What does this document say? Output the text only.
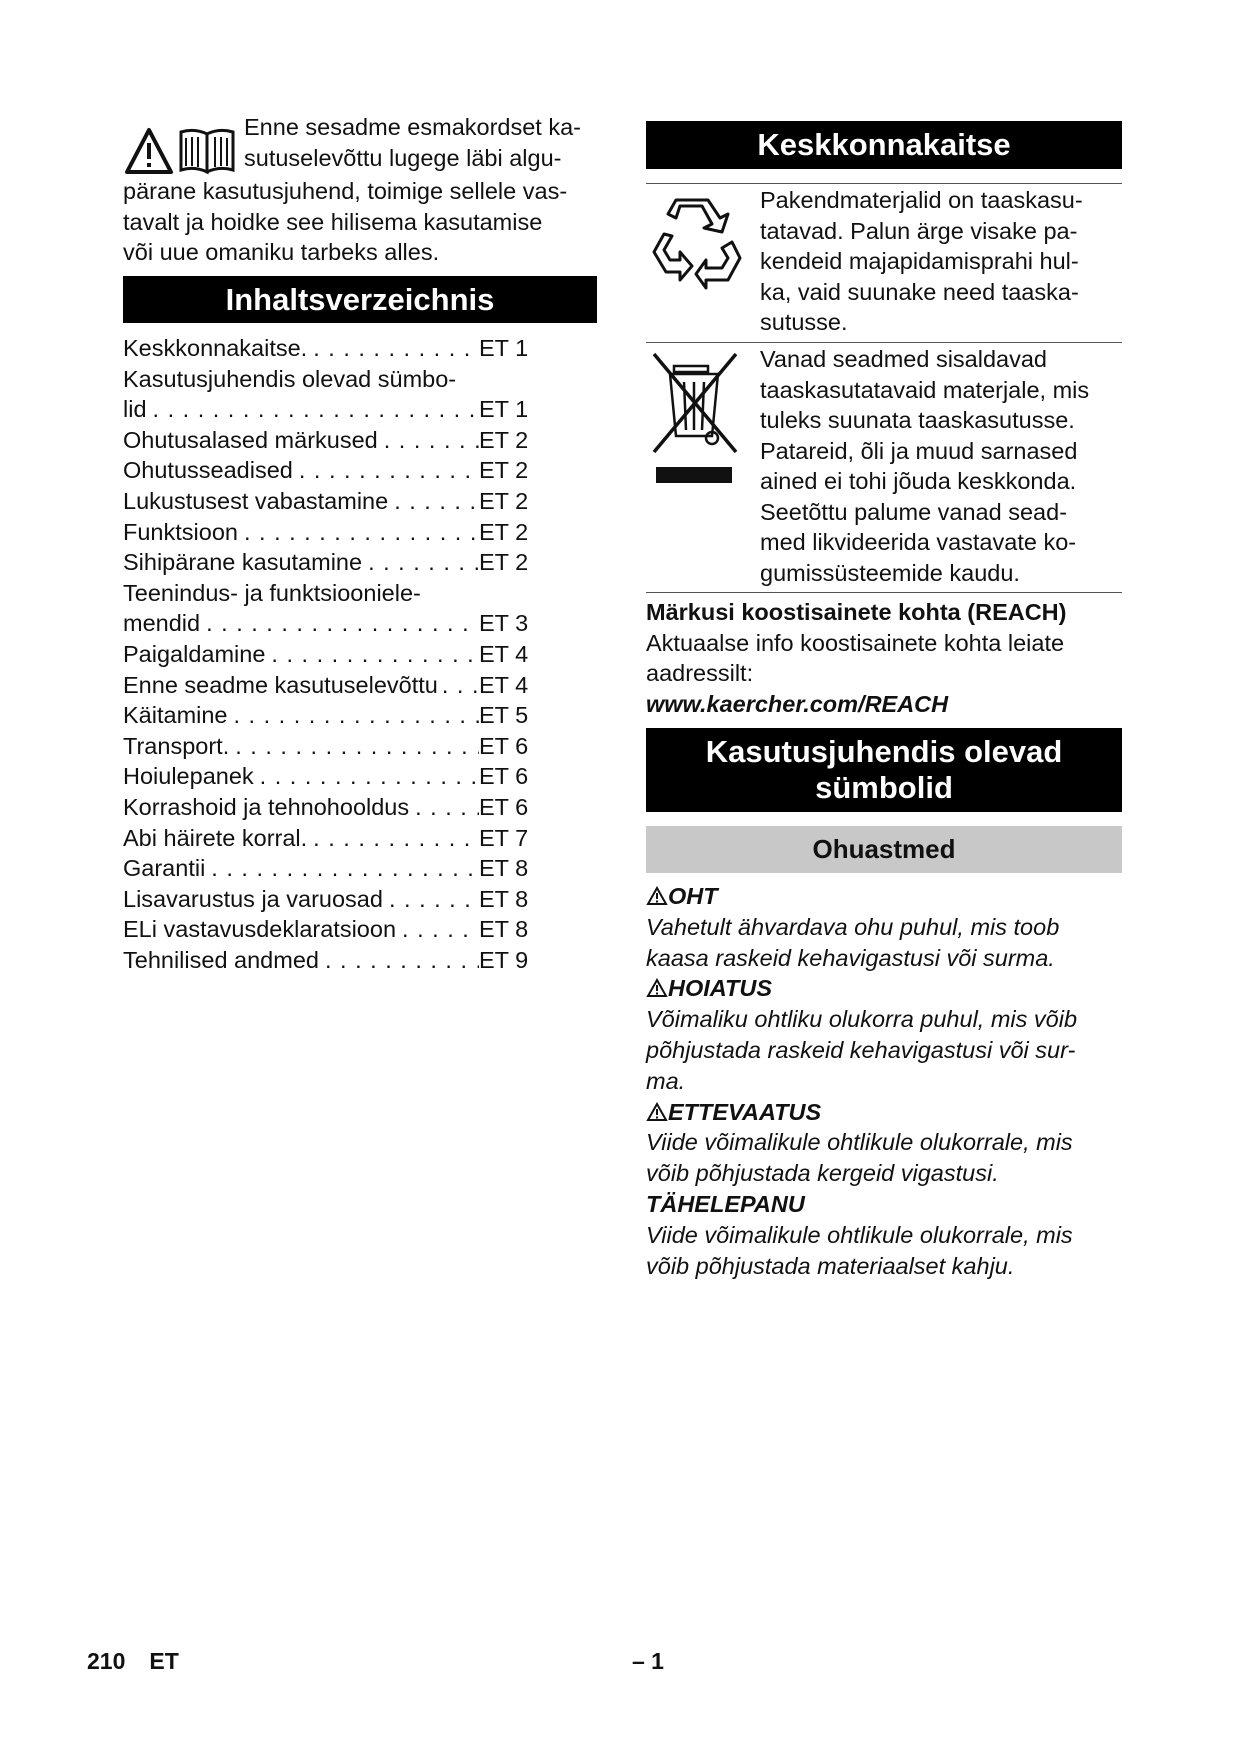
Enne sesadme esmakordset ka-

sutuselevõttu lugege läbi algu-

pärane kasutusjuhend, toimige sellele vas-

tavalt ja hoidke see hilisema kasutamise

või uue omaniku tarbeks alles.

Inhaltsverzeichnis
Keskkonnakaitse. . . .	ET 1
Kasutusjuhendis olevad sümbo-
lid . . .	ET 1
Ohutusalased märkused . . .	ET 2
Ohutusseadised . . .	ET 2
Lukustusest vabastamine . . .	ET 2
Funktsioon . . .	ET 2
Sihipärane kasutamine . . .	ET 2
Teenindus- ja funktsiooniele-
mendid . . .	ET 3
Paigaldamine . . .	ET 4
Enne seadme kasutuselevõttu . . . ET 4
Käitamine . . .	ET 5
Transport. . . .	ET 6
Hoiulepanek . . .	ET 6
Korrashoid ja tehnohooldus . . .	ET 6
Abi häirete korral. . . .	ET 7
Garantii . . .	ET 8
Lisavarustus ja varuosad . . .	ET 8
ELi vastavusdeklaratsioon . . .	ET 8
Tehnilised andmed . . .	ET 9
Keskkonnakaitse
Pakendmaterjalid on taaskasu-
tatavad. Palun ärge visake pa-
kendeid majapidamisprahi hul-
ka, vaid suunake need taaska-
sutusse.
Vanad seadmed sisaldavad
taaskasutatavaid materjale, mis
tuleks suunata taaskasutusse.
Patareid, õli ja muud sarnased
ained ei tohi jõuda keskkonda.
Seetõttu palume vanad sead-
med likvideerida vastavate ko-
gumissüsteemide kaudu.

Märkusi koostisainete kohta (REACH)

Aktuaalse info koostisainete kohta leiate

aadressilt:

www.kaercher.com/REACH

Kasutusjuhendis olevad
sümbolid
Ohuastmed

OHT

Vahetult ähvardava ohu puhul, mis toob

kaasa raskeid kehavigastusi või surma.

HOIATUS

Võimaliku ohtliku olukorra puhul, mis võib

põhjustada raskeid kehavigastusi või sur-

ma.

ETTEVAATUS

Viide võimalikule ohtlikule olukorrale, mis

võib põhjustada kergeid vigastusi.

TÄHELEPANU

Viide võimalikule ohtlikule olukorrale, mis

võib põhjustada materiaalset kahju.

210 ET	– 1
